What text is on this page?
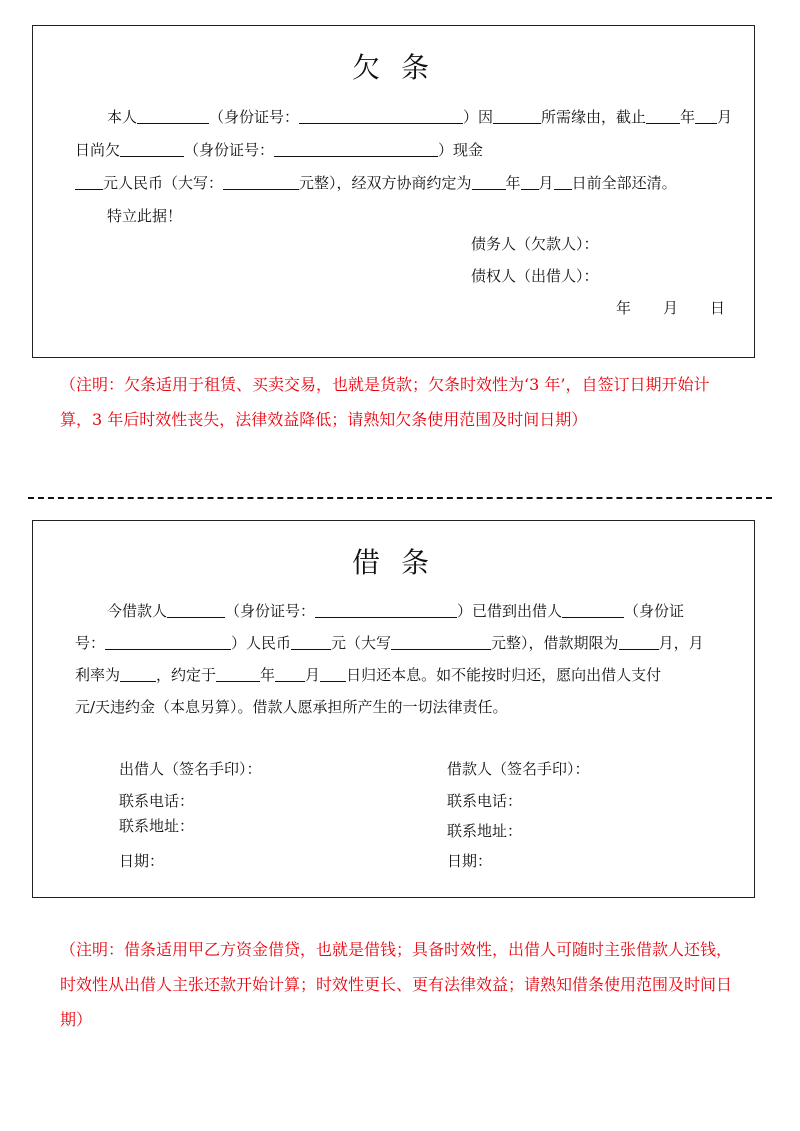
欠 条
本人	（身份证号：	）因	所需缘由，截止 年 月
日尚欠	（身份证号：	）现金
元人民币（大写：	元整），经双方协商约定为 年 月 日前全部还清。
特立此据！
债务人（欠款人）：
债权人（出借人）：
年 月 日
（注明：欠条适用于租赁、买卖交易，也就是货款；欠条时效性为‘3 年’，自签订日期开始计算，3 年后时效性丧失，法律效益降低；请熟知欠条使用范围及时间日期）
借 条
今借款人	（身份证号：	）已借到出借人	（身份证
号：	）人民币	元（大写	元整），借款期限为	月，月
利率为 ，约定于	年 月 日归还本息。如不能按时归还，愿向出借人支付
元/天违约金（本息另算）。借款人愿承担所产生的一切法律责任。
出借人（签名手印）：
联系电话：
联系地址：
日期：
借款人（签名手印）：
联系电话：
联系地址：
日期：
（注明：借条适用甲乙方资金借贷，也就是借钱；具备时效性，出借人可随时主张借款人还钱，时效性从出借人主张还款开始计算；时效性更长、更有法律效益；请熟知借条使用范围及时间日期）
